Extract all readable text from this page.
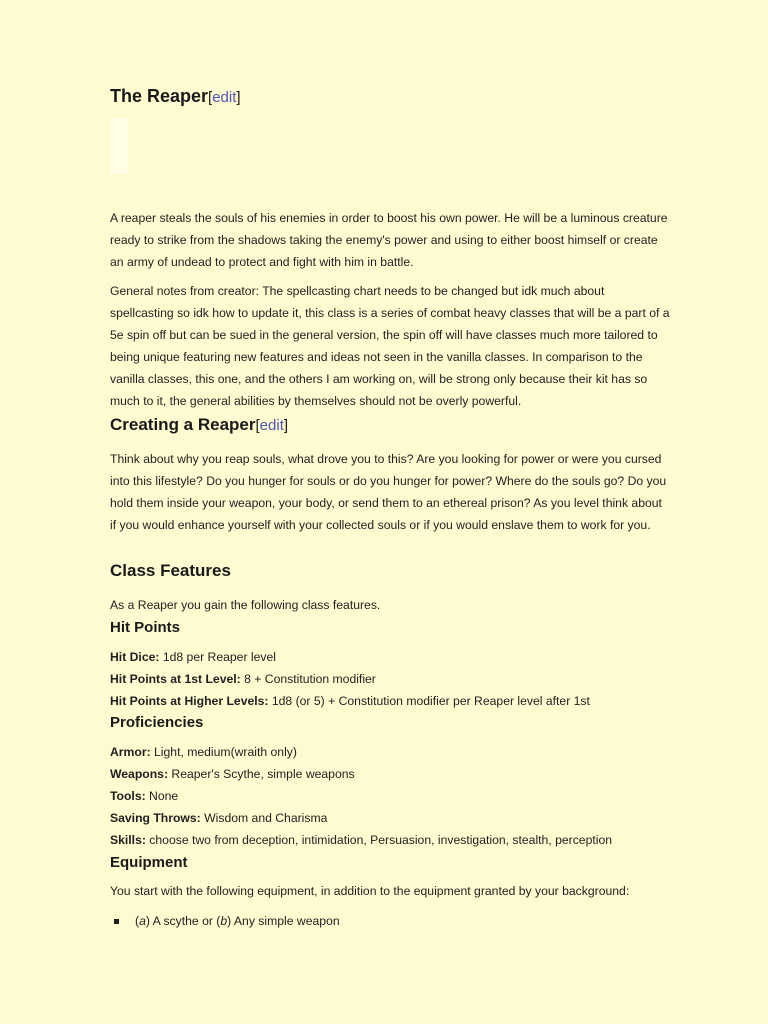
The Reaper[edit]

A reaper steals the souls of his enemies in order to boost his own power. He will be a luminous creature ready to strike from the shadows taking the enemy's power and using to either boost himself or create an army of undead to protect and fight with him in battle.

General notes from creator: The spellcasting chart needs to be changed but idk much about spellcasting so idk how to update it, this class is a series of combat heavy classes that will be a part of a 5e spin off but can be sued in the general version, the spin off will have classes much more tailored to being unique featuring new features and ideas not seen in the vanilla classes. In comparison to the vanilla classes, this one, and the others I am working on, will be strong only because their kit has so much to it, the general abilities by themselves should not be overly powerful.

Creating a Reaper[edit]

Think about why you reap souls, what drove you to this? Are you looking for power or were you cursed into this lifestyle? Do you hunger for souls or do you hunger for power? Where do the souls go? Do you hold them inside your weapon, your body, or send them to an ethereal prison? As you level think about if you would enhance yourself with your collected souls or if you would enslave them to work for you.

Class Features

As a Reaper you gain the following class features.

Hit Points
Hit Dice: 1d8 per Reaper level
Hit Points at 1st Level: 8 + Constitution modifier
Hit Points at Higher Levels: 1d8 (or 5) + Constitution modifier per Reaper level after 1st
Proficiencies
Armor: Light, medium(wraith only)
Weapons: Reaper's Scythe, simple weapons
Tools: None
Saving Throws: Wisdom and Charisma
Skills: choose two from deception, intimidation, Persuasion, investigation, stealth, perception
Equipment

You start with the following equipment, in addition to the equipment granted by your background:

(a) A scythe or (b) Any simple weapon
